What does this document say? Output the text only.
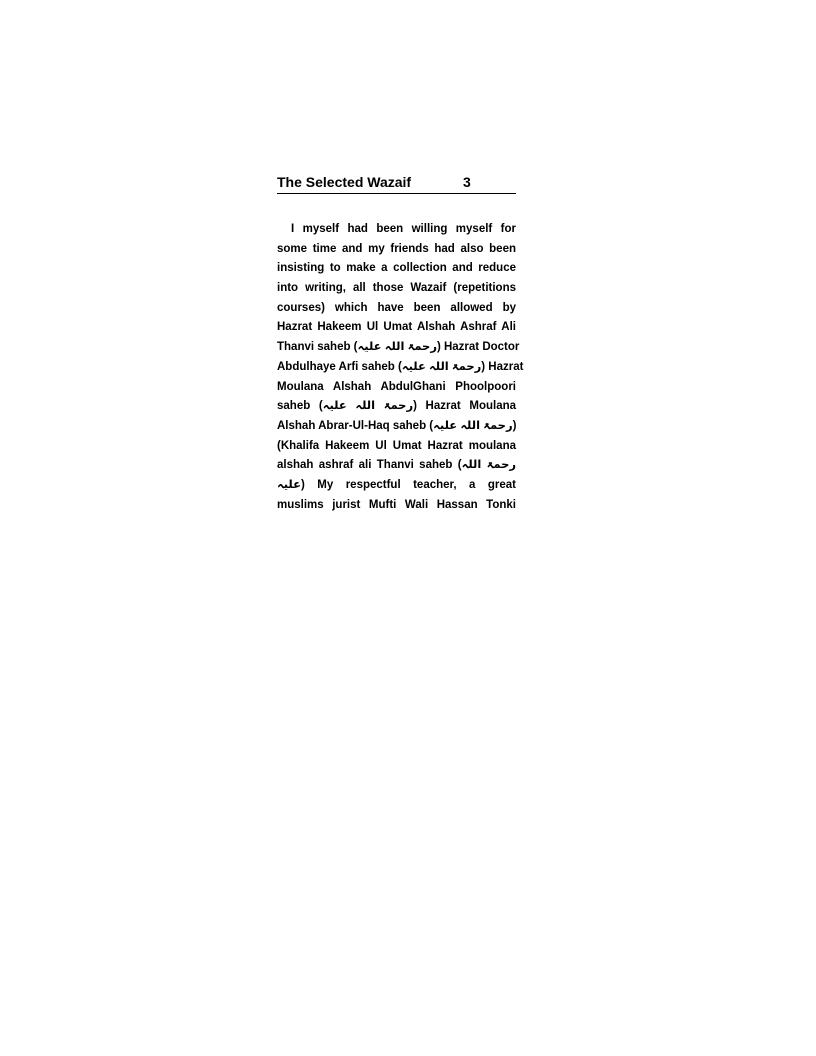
The Selected Wazaif	3
I myself had been willing myself for
some time and my friends had also been
insisting to make a collection and reduce
into writing, all those Wazaif (repetitions
courses) which have been allowed by
Hazrat Hakeem Ul Umat Alshah Ashraf Ali
Thanvi saheb (رحمۃ اللہ علیہ) Hazrat Doctor
Abdulhaye Arfi saheb (رحمۃ اللہ علیہ) Hazrat
Moulana Alshah AbdulGhani Phoolpoori
saheb (رحمۃ اللہ علیہ) Hazrat Moulana
Alshah Abrar-Ul-Haq saheb (رحمۃ اللہ علیہ)
(Khalifa Hakeem Ul Umat Hazrat moulana
alshah ashraf ali Thanvi saheb (رحمۃ اللہ
علیہ) My respectful teacher, a great
muslims jurist Mufti Wali Hassan Tonki
